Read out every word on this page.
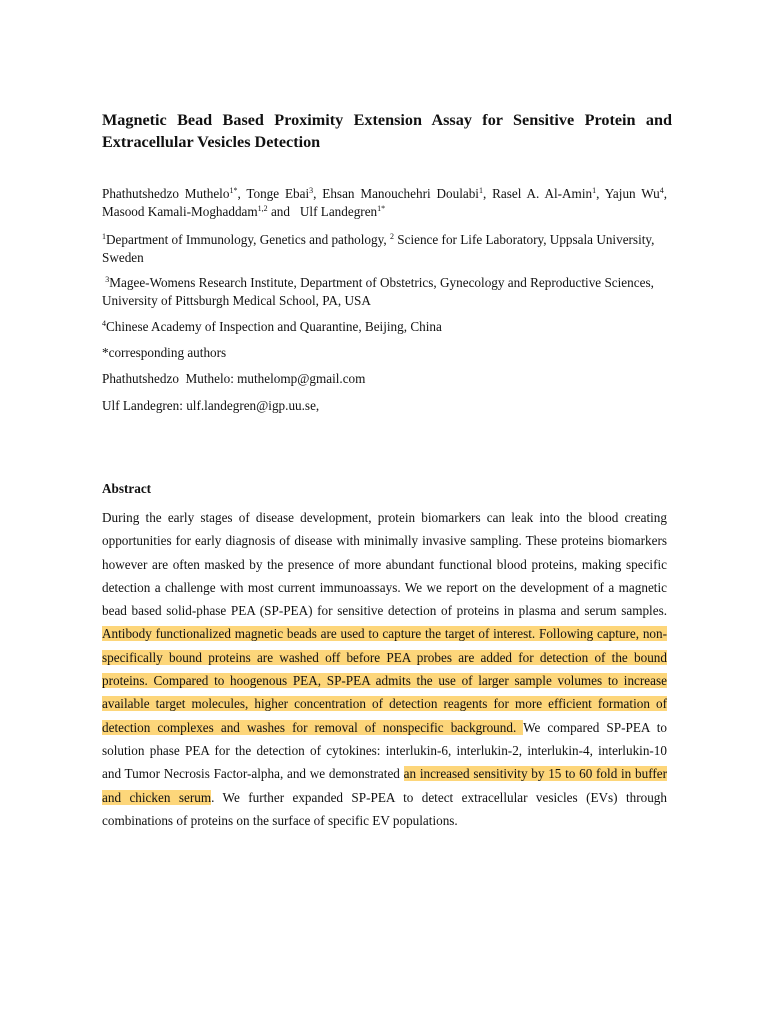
Magnetic Bead Based Proximity Extension Assay for Sensitive Protein and Extracellular Vesicles Detection

Phathutshedzo Muthelo$^{1*}$, Tonge Ebai$^3$, Ehsan Manouchehri Doulabi$^1$, Rasel A. Al-Amin$^1$, Yajun Wu$^4$, Masood Kamali-Moghaddam$^{1,2}$ and   Ulf Landegren$^{1*}$

$^1$Department of Immunology, Genetics and pathology, $^2$ Science for Life Laboratory, Uppsala University, Sweden

$^3$Magee-Womens Research Institute, Department of Obstetrics, Gynecology and Reproductive Sciences, University of Pittsburgh Medical School, PA, USA

$^4$Chinese Academy of Inspection and Quarantine, Beijing, China

*corresponding authors

Phathutshedzo  Muthelo: muthelomp@gmail.com

Ulf Landegren: ulf.landegren@igp.uu.se,

Abstract

During the early stages of disease development, protein biomarkers can leak into the blood creating opportunities for early diagnosis of disease with minimally invasive sampling. These proteins biomarkers however are often masked by the presence of more abundant functional blood proteins, making specific detection a challenge with most current immunoassays. We we report on the development of a magnetic bead based solid-phase PEA (SP-PEA) for sensitive detection of proteins in plasma and serum samples. Antibody functionalized magnetic beads are used to capture the target of interest. Following capture, non-specifically bound proteins are washed off before PEA probes are added for detection of the bound proteins. Compared to hoogenous PEA, SP-PEA admits the use of larger sample volumes to increase available target molecules, higher concentration of detection reagents for more efficient formation of detection complexes and washes for removal of nonspecific background. We compared SP-PEA to solution phase PEA for the detection of cytokines: interlukin-6, interlukin-2, interlukin-4, interlukin-10 and Tumor Necrosis Factor-alpha, and we demonstrated an increased sensitivity by 15 to 60 fold in buffer and chicken serum. We further expanded SP-PEA to detect extracellular vesicles (EVs) through combinations of proteins on the surface of specific EV populations.
